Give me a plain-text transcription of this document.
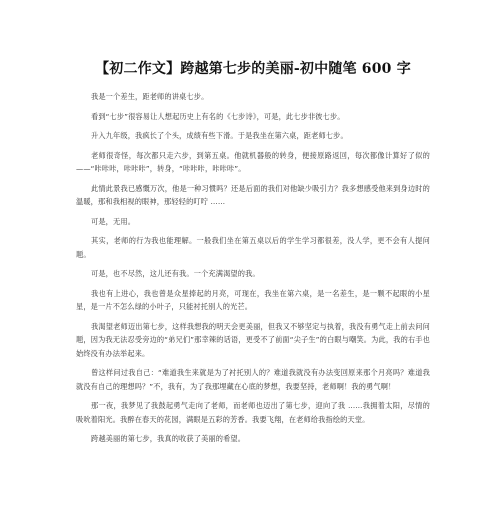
【初二作文】跨越第七步的美丽-初中随笔 600 字
我是一个差生，距老师的讲桌七步。
看到“七步”很容易让人想起历史上有名的《七步诗》，可是，此七步非彼七步。
升入九年级，我疯长了个头，成绩有些下滑。于是我坐在第六桌，距老师七步。
老师很奇怪，每次都只走六步，到第五桌。他就机器般的转身，便接原路返回，每次都像计算好了似的——“咔咔咔，咔咔咔”，转身，“咔咔咔，咔咔咔”。
此情此景我已感慨万次，他是一种习惯吗？还是后面的我们对他缺少吸引力？我多想感受他来到身边时的温暖，那和我相视的眼神，那轻轻的叮咛 ……
可是，无用。
其实，老师的行为我也能理解。一般我们坐在第五桌以后的学生学习都很差，没人学，更不会有人提问题。
可是，也不尽然，这儿还有我。一个充满渴望的我。
我也有上进心，我也曾是众星捧起的月亮，可现在，我坐在第六桌，是一名差生，是一颗不起眼的小星星，是一片不怎么绿的小叶子，只能衬托别人的光芒。
我渴望老师迈出第七步，这样我想我的明天会更美丽，但我又不够坚定与执着，我没有勇气走上前去问问题，因为我无法忍受旁边的“弟兄们”那幸辣的话语，更受不了前面“尖子生”的白眼与嘲笑。为此，我的右手也始终没有办法举起来。
曾这样问过我自己：“难道我生来就是为了衬托别人的？难道我就没有办法变回原来那个月亮吗？难道我就没有自己的理想吗？”不，我有，为了我那埋藏在心底的梦想，我要坚持，老师啊！我的勇气啊！
那一夜，我梦见了我鼓起勇气走向了老师，而老师也迈出了第七步，迎向了我 ……我拥着太阳，尽情的吸吮着阳光。我醉在春天的花园，满眼是五彩的芳香。我要飞翔，在老师给我指绘的天堂。
跨越美丽的第七步，我真的收获了美丽的希望。
